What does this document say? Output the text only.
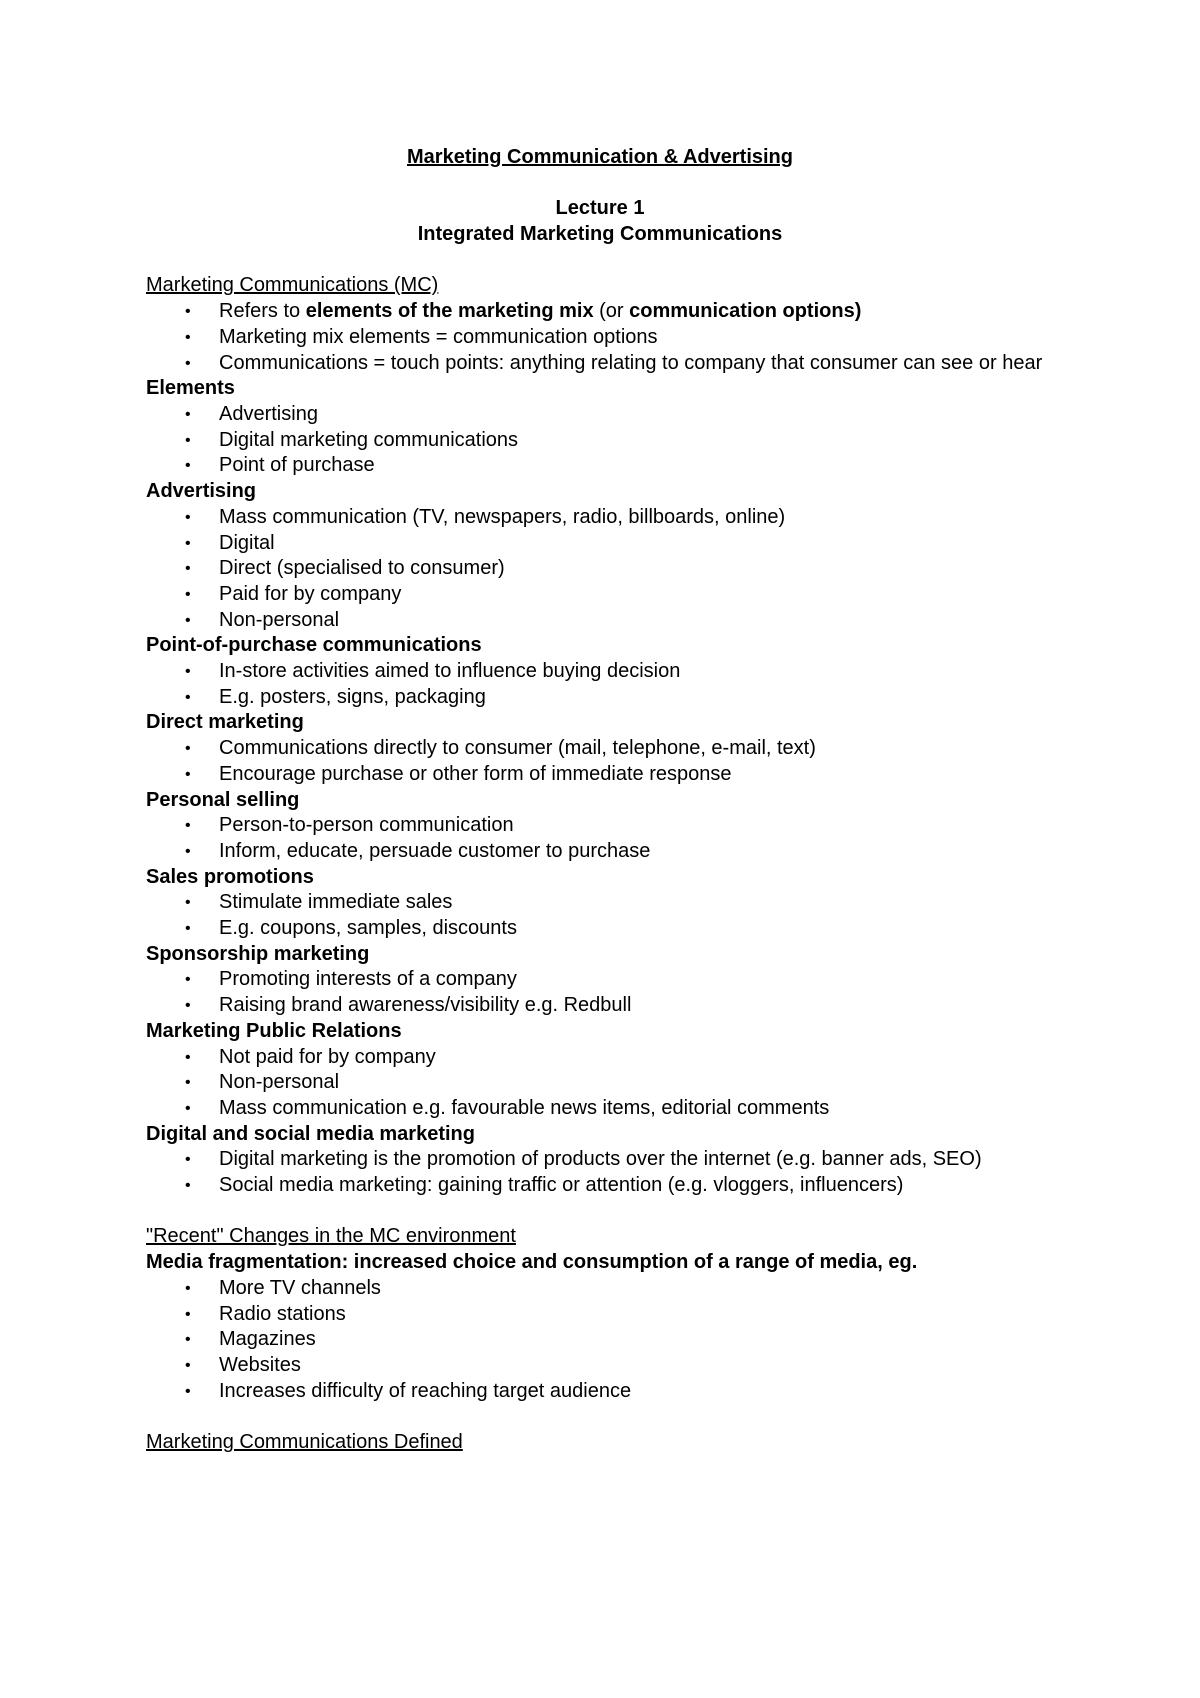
Marketing Communication & Advertising
Lecture 1
Integrated Marketing Communications
Marketing Communications (MC)
• Refers to elements of the marketing mix (or communication options)
• Marketing mix elements = communication options
• Communications = touch points: anything relating to company that consumer can see or hear
Elements
• Advertising
• Digital marketing communications
• Point of purchase
Advertising
• Mass communication (TV, newspapers, radio, billboards, online)
• Digital
• Direct (specialised to consumer)
• Paid for by company
• Non-personal
Point-of-purchase communications
• In-store activities aimed to influence buying decision
• E.g. posters, signs, packaging
Direct marketing
• Communications directly to consumer (mail, telephone, e-mail, text)
• Encourage purchase or other form of immediate response
Personal selling
• Person-to-person communication
• Inform, educate, persuade customer to purchase
Sales promotions
• Stimulate immediate sales
• E.g. coupons, samples, discounts
Sponsorship marketing
• Promoting interests of a company
• Raising brand awareness/visibility e.g. Redbull
Marketing Public Relations
• Not paid for by company
• Non-personal
• Mass communication e.g. favourable news items, editorial comments
Digital and social media marketing
• Digital marketing is the promotion of products over the internet (e.g. banner ads, SEO)
• Social media marketing: gaining traffic or attention (e.g. vloggers, influencers)
"Recent" Changes in the MC environment
Media fragmentation: increased choice and consumption of a range of media, eg.
• More TV channels
• Radio stations
• Magazines
• Websites
• Increases difficulty of reaching target audience
Marketing Communications Defined
